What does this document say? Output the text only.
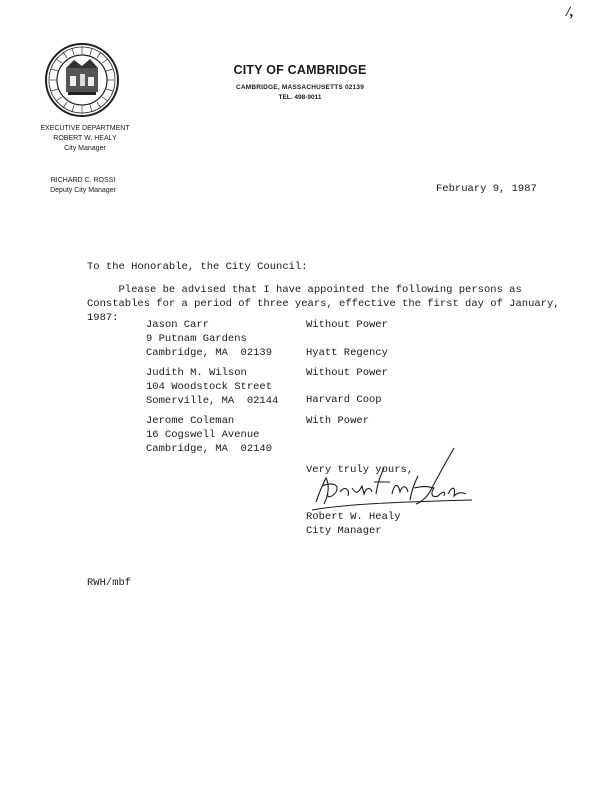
/,
CITY OF CAMBRIDGE
CAMBRIDGE, MASSACHUSETTS 02139
TEL. 498-9011
EXECUTIVE DEPARTMENT
ROBERT W. HEALY
City Manager
RICHARD C. ROSSI
Deputy City Manager	February 9, 1987
To the Honorable, the City Council:
Please be advised that I have appointed the following persons as
Constables for a period of three years, effective the first day of January,
1987:
Jason Carr
9 Putnam Gardens
Cambridge, MA  02139
Without Power
Hyatt Regency
Judith M. Wilson
104 Woodstock Street
Somerville, MA  02144
Without Power
Harvard Coop
Jerome Coleman
16 Cogswell Avenue
Cambridge, MA  02140
With Power
Very truly yours,
Robert W. Healy
City Manager
RWH/mbf
